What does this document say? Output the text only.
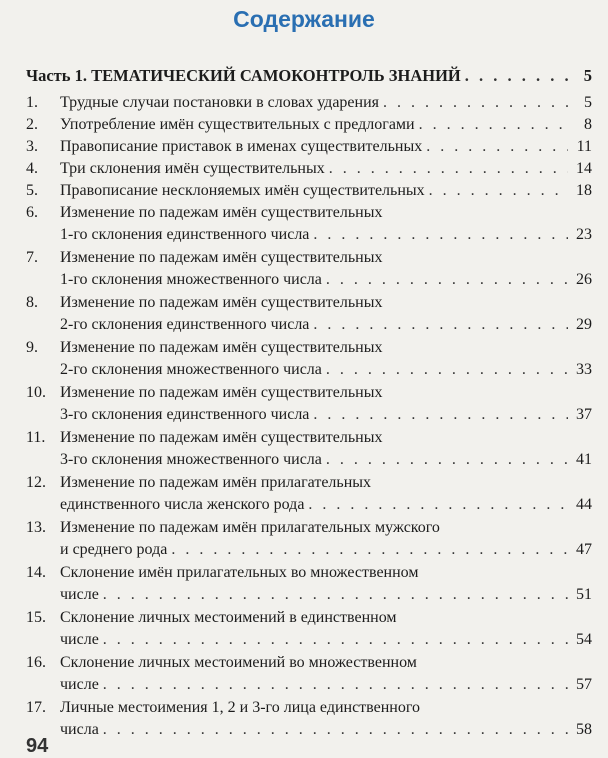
Содержание
Часть 1. ТЕМАТИЧЕСКИЙ САМОКОНТРОЛЬ ЗНАНИЙ . . .	5
1. Трудные случаи постановки в словах ударения . . .	5
2. Употребление имён существительных с предлогами . . .	8
3. Правописание приставок в именах существительных . . .	11
4. Три склонения имён существительных . . .	14
5. Правописание несклоняемых имён существительных . . .	18
6. Изменение по падежам имён существительных
1-го склонения единственного числа . . .	23
7. Изменение по падежам имён существительных
1-го склонения множественного числа . . .	26
8. Изменение по падежам имён существительных
2-го склонения единственного числа . . .	29
9. Изменение по падежам имён существительных
2-го склонения множественного числа . . .	33
10. Изменение по падежам имён существительных
3-го склонения единственного числа . . .	37
11. Изменение по падежам имён существительных
3-го склонения множественного числа . . .	41
12. Изменение по падежам имён прилагательных
единственного числа женского рода . . .	44
13. Изменение по падежам имён прилагательных мужского
и среднего рода . . .	47
14. Склонение имён прилагательных во множественном
числе . . .	51
15. Склонение личных местоимений в единственном
числе . . .	54
16. Склонение личных местоимений во множественном
числе . . .	57
17. Личные местоимения 1, 2 и 3-го лица единственного
числа . . .	58
94
